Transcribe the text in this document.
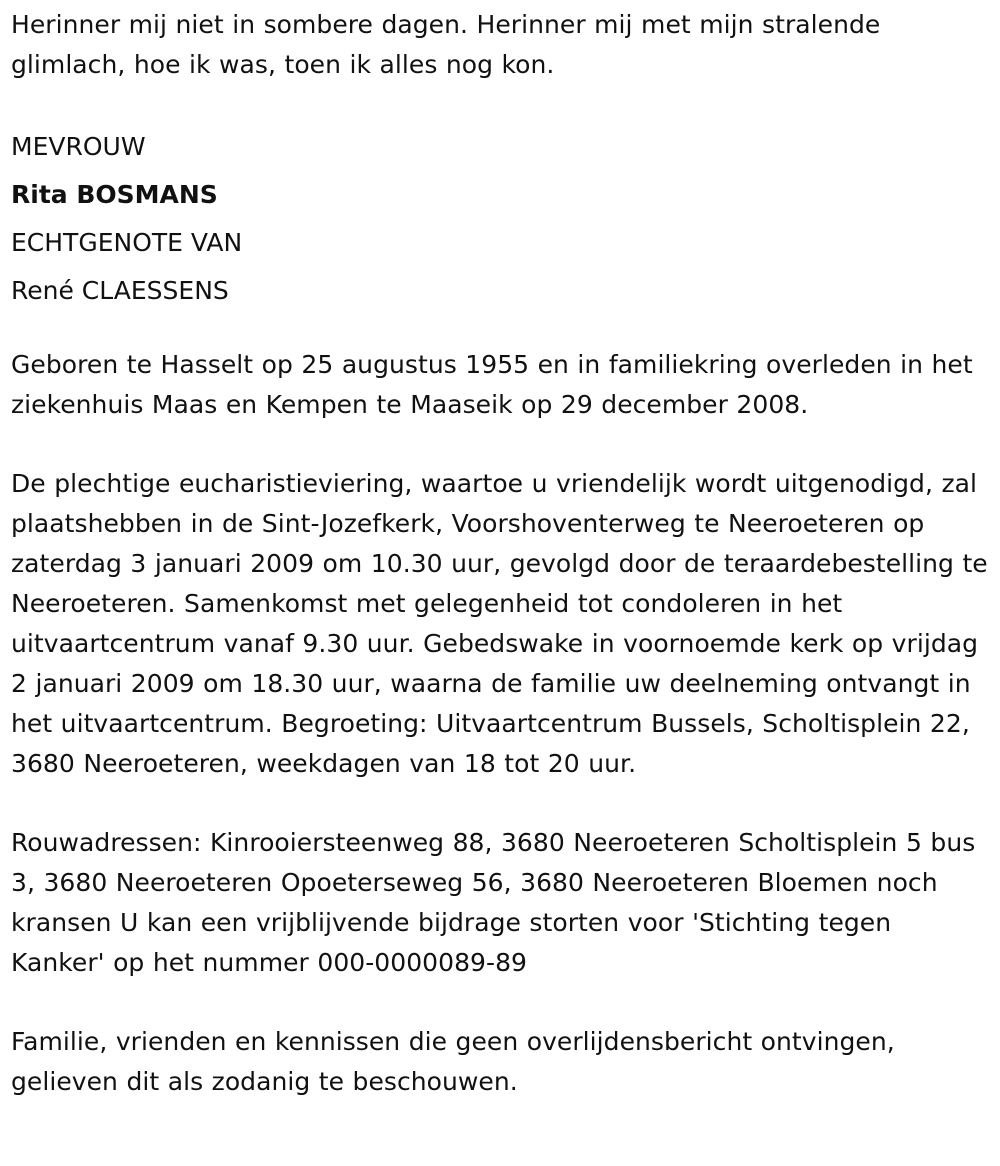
Herinner mij niet in sombere dagen. Herinner mij met mijn stralende glimlach, hoe ik was, toen ik alles nog kon.

MEVROUW

Rita BOSMANS

ECHTGENOTE VAN

René CLAESSENS

Geboren te Hasselt op 25 augustus 1955 en in familiekring overleden in het ziekenhuis Maas en Kempen te Maaseik op 29 december 2008.

De plechtige eucharistieviering, waartoe u vriendelijk wordt uitgenodigd, zal plaatshebben in de Sint-Jozefkerk, Voorshoventerweg te Neeroeteren op zaterdag 3 januari 2009 om 10.30 uur, gevolgd door de teraardebestelling te Neeroeteren. Samenkomst met gelegenheid tot condoleren in het uitvaartcentrum vanaf 9.30 uur. Gebedswake in voornoemde kerk op vrijdag 2 januari 2009 om 18.30 uur, waarna de familie uw deelneming ontvangt in het uitvaartcentrum. Begroeting: Uitvaartcentrum Bussels, Scholtisplein 22, 3680 Neeroeteren, weekdagen van 18 tot 20 uur.

Rouwadressen: Kinrooiersteenweg 88, 3680 Neeroeteren Scholtisplein 5 bus 3, 3680 Neeroeteren Opoeterseweg 56, 3680 Neeroeteren Bloemen noch kransen U kan een vrijblijvende bijdrage storten voor 'Stichting tegen Kanker' op het nummer 000-0000089-89

Familie, vrienden en kennissen die geen overlijdensbericht ontvingen, gelieven dit als zodanig te beschouwen.
